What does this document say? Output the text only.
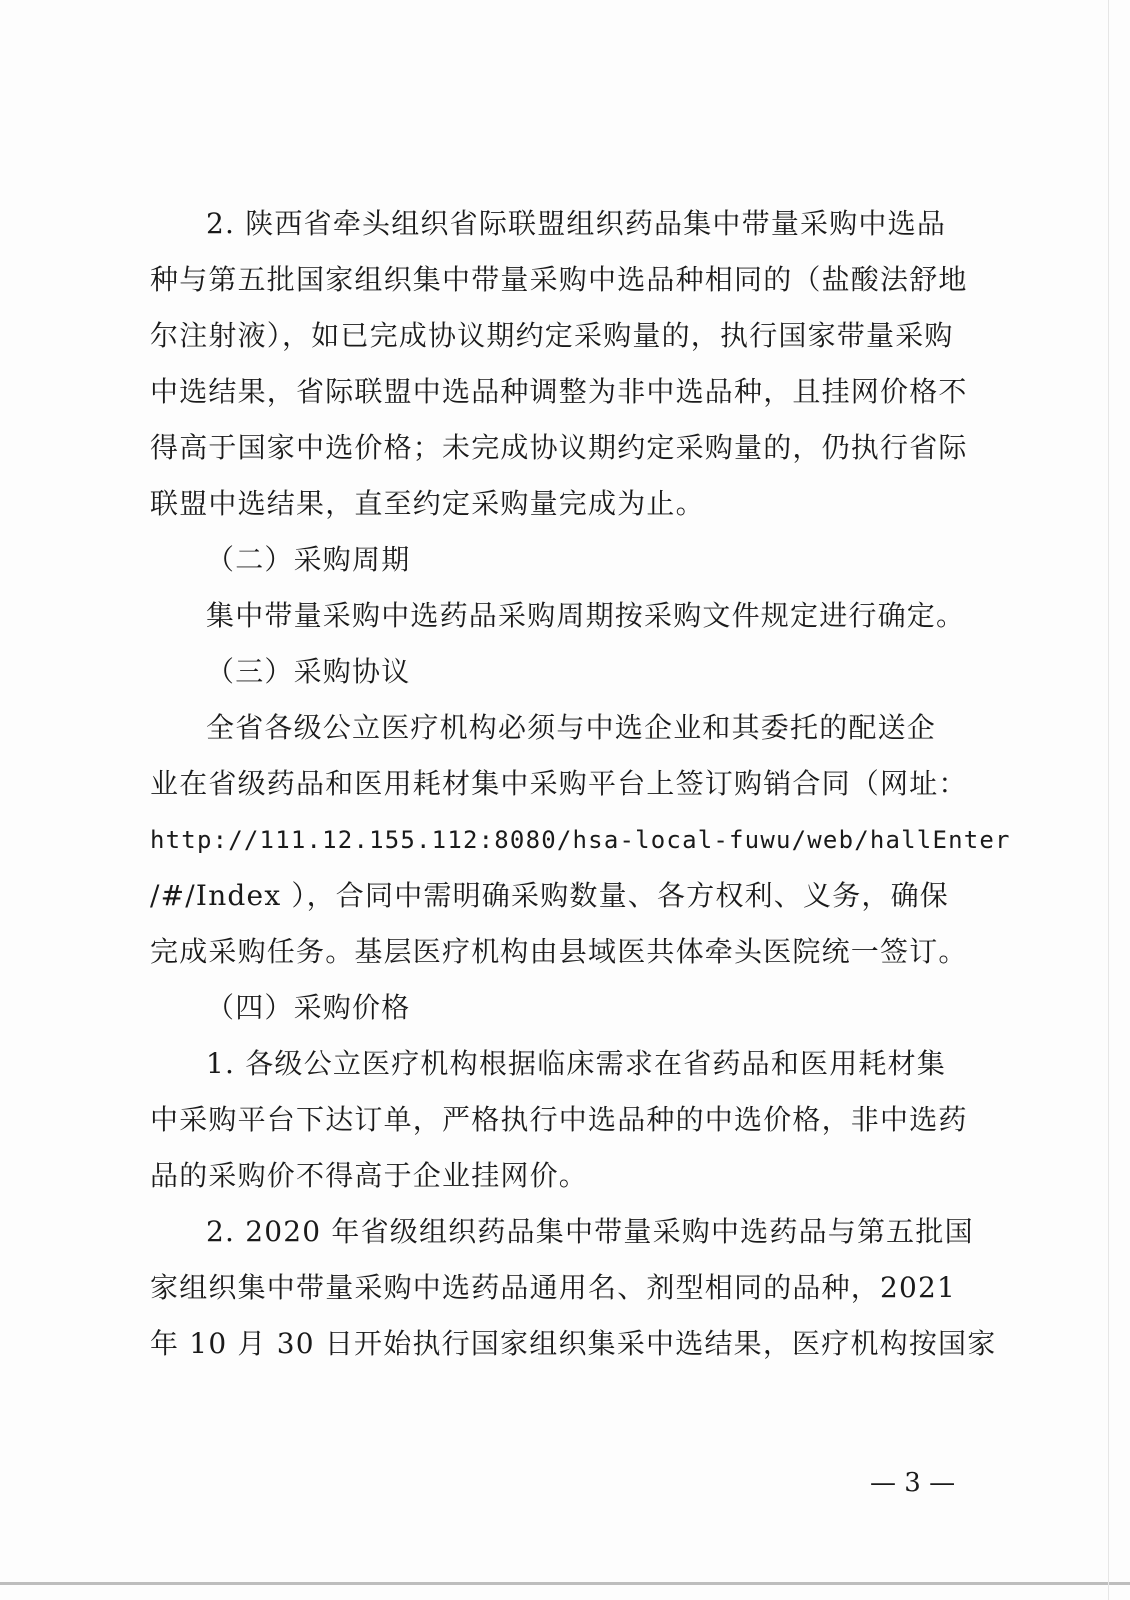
2. 陕西省牵头组织省际联盟组织药品集中带量采购中选品
种与第五批国家组织集中带量采购中选品种相同的（盐酸法舒地
尔注射液），如已完成协议期约定采购量的，执行国家带量采购
中选结果，省际联盟中选品种调整为非中选品种，且挂网价格不
得高于国家中选价格；未完成协议期约定采购量的，仍执行省际
联盟中选结果，直至约定采购量完成为止。
（二）采购周期
集中带量采购中选药品采购周期按采购文件规定进行确定。
（三）采购协议
全省各级公立医疗机构必须与中选企业和其委托的配送企
业在省级药品和医用耗材集中采购平台上签订购销合同（网址：
http://111.12.155.112:8080/hsa-local-fuwu/web/hallEnter
/#/Index ），合同中需明确采购数量、各方权利、义务，确保
完成采购任务。基层医疗机构由县域医共体牵头医院统一签订。
（四）采购价格
1. 各级公立医疗机构根据临床需求在省药品和医用耗材集
中采购平台下达订单，严格执行中选品种的中选价格，非中选药
品的采购价不得高于企业挂网价。
2. 2020 年省级组织药品集中带量采购中选药品与第五批国
家组织集中带量采购中选药品通用名、剂型相同的品种，2021
年 10 月 30 日开始执行国家组织集采中选结果，医疗机构按国家
— 3 —
